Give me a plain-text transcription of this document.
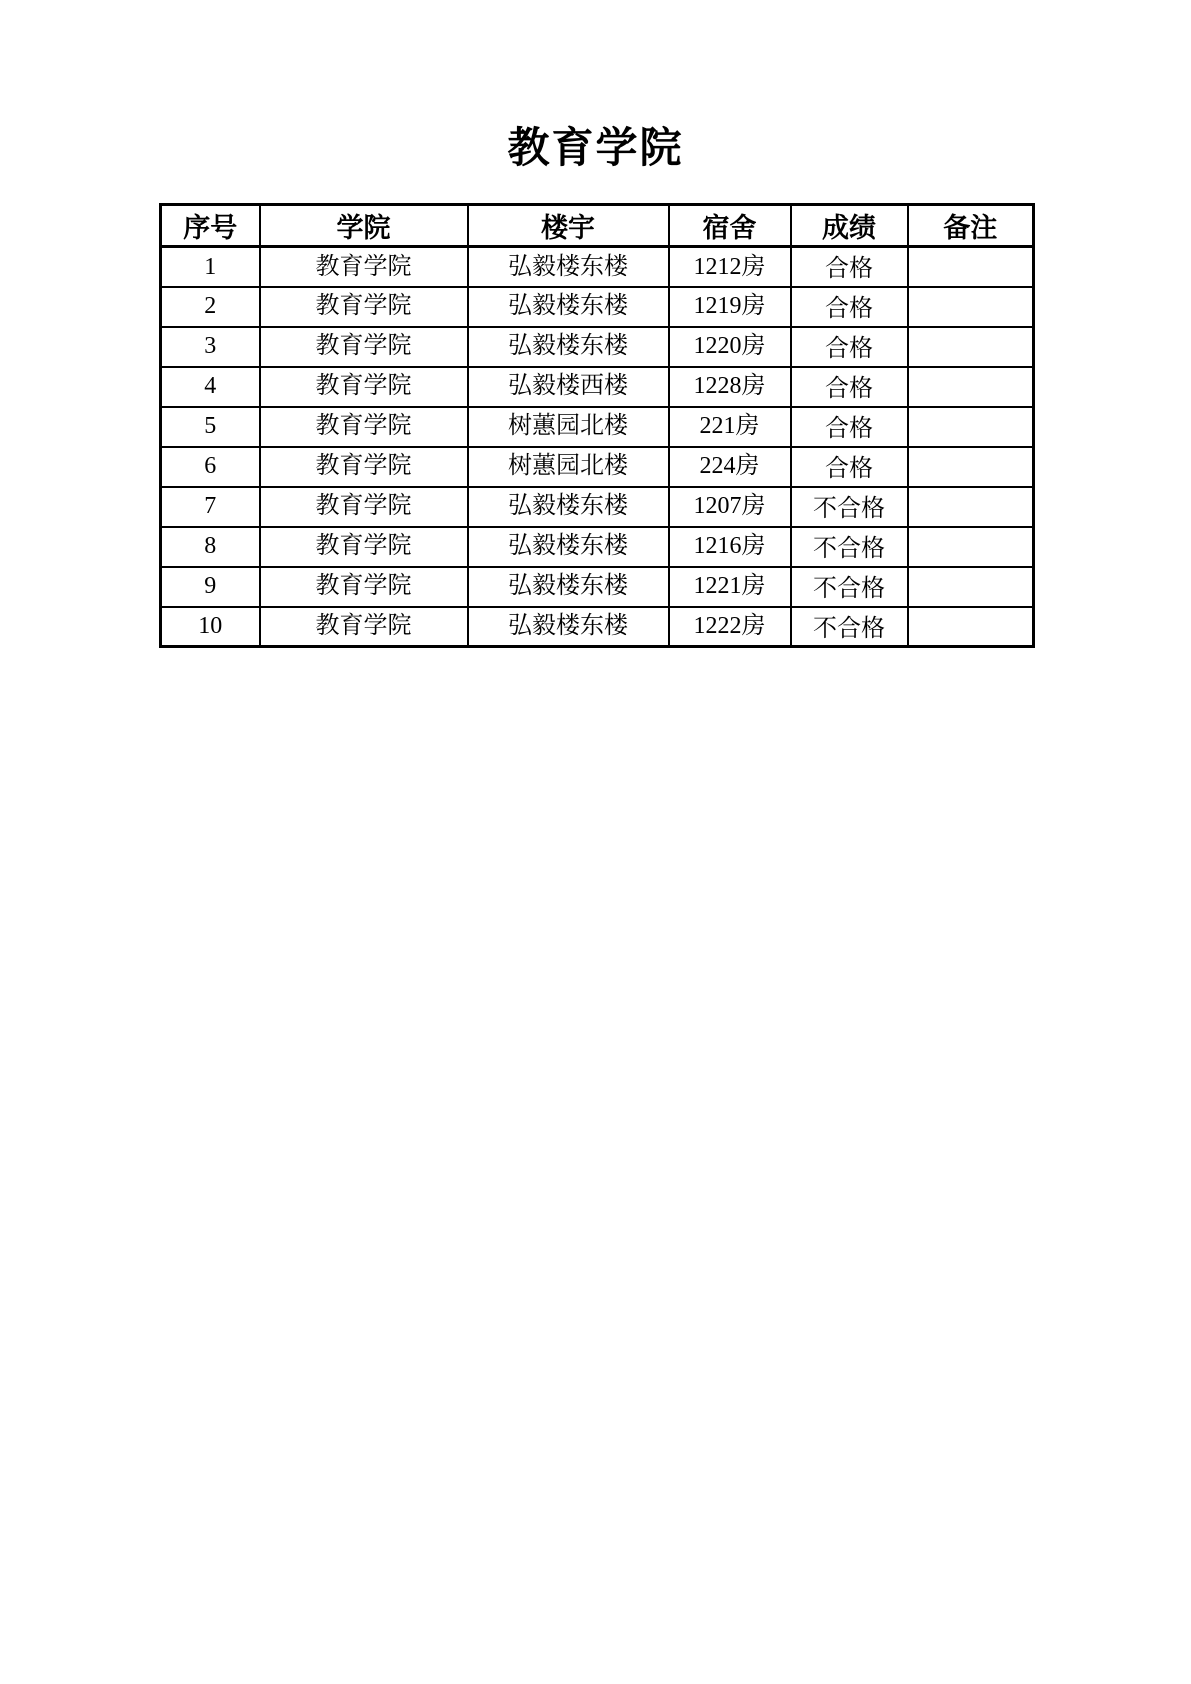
教育学院
序号	学院	楼宇	宿舍	成绩	备注
1	教育学院	弘毅楼东楼	1212房	合格	
2	教育学院	弘毅楼东楼	1219房	合格	
3	教育学院	弘毅楼东楼	1220房	合格	
4	教育学院	弘毅楼西楼	1228房	合格	
5	教育学院	树蕙园北楼	221房	合格	
6	教育学院	树蕙园北楼	224房	合格	
7	教育学院	弘毅楼东楼	1207房	不合格	
8	教育学院	弘毅楼东楼	1216房	不合格	
9	教育学院	弘毅楼东楼	1221房	不合格	
10	教育学院	弘毅楼东楼	1222房	不合格	
